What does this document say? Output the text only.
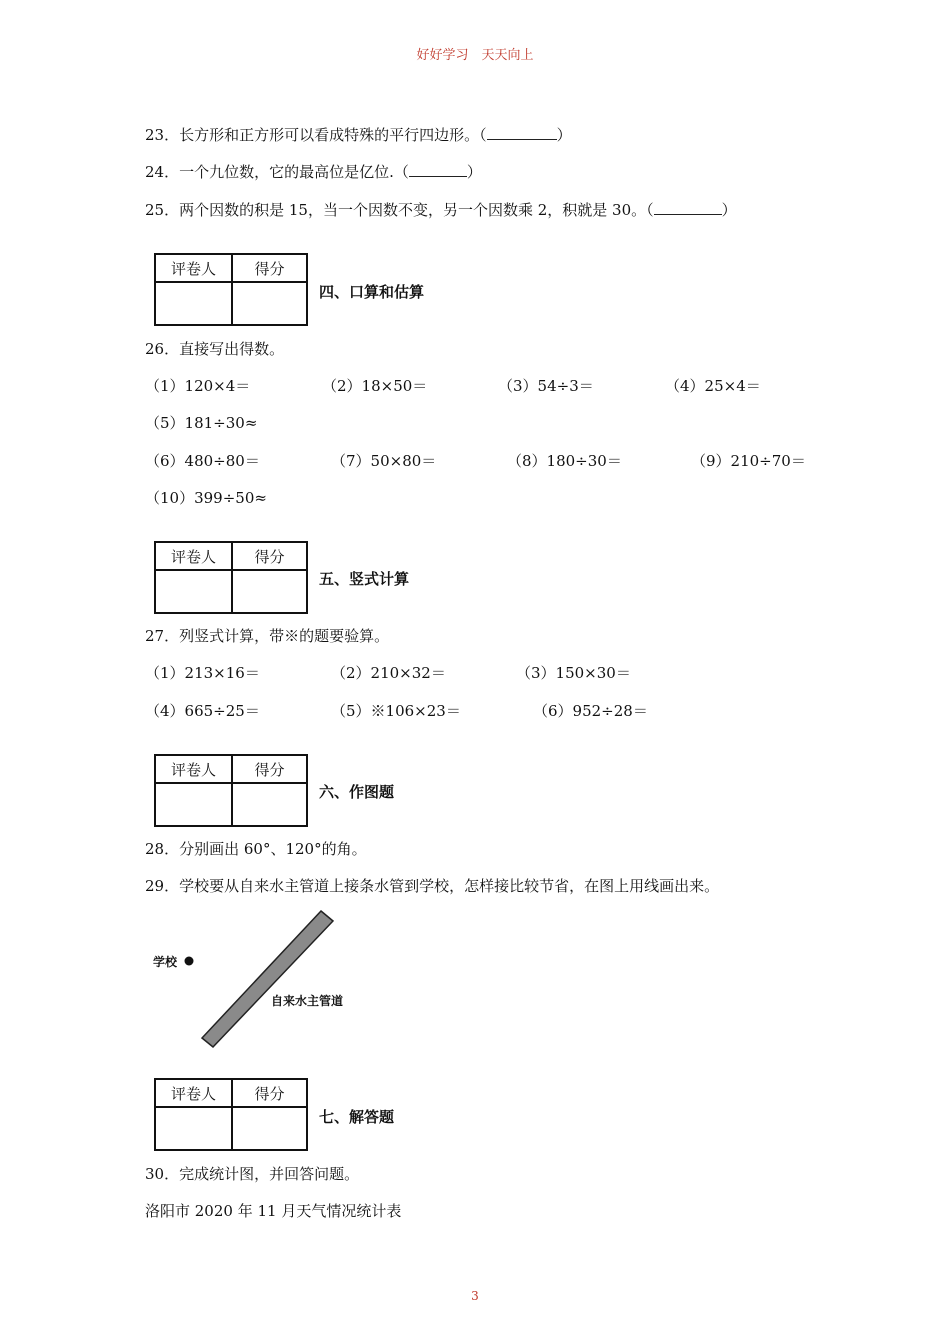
好好学习　天天向上
23．长方形和正方形可以看成特殊的平行四边形。（	）
24．一个九位数，它的最高位是亿位.（	）
25．两个因数的积是 15，当一个因数不变，另一个因数乘 2，积就是 30。（	）
评卷人	得分
四、口算和估算
26．直接写出得数。
（1）120×4＝	（2）18×50＝	（3）54÷3＝	（4）25×4＝
（5）181÷30≈
（6）480÷80＝	（7）50×80＝	（8）180÷30＝	（9）210÷70＝
（10）399÷50≈
评卷人	得分
五、竖式计算
27．列竖式计算，带※的题要验算。
（1）213×16＝	（2）210×32＝	（3）150×30＝
（4）665÷25＝	（5）※106×23＝	（6）952÷28＝
评卷人	得分
六、作图题
28．分别画出 60°、120°的角。
29．学校要从自来水主管道上接条水管到学校，怎样接比较节省，在图上用线画出来。
学校
自来水主管道
评卷人	得分
七、解答题
30．完成统计图，并回答问题。
洛阳市 2020 年 11 月天气情况统计表
3
